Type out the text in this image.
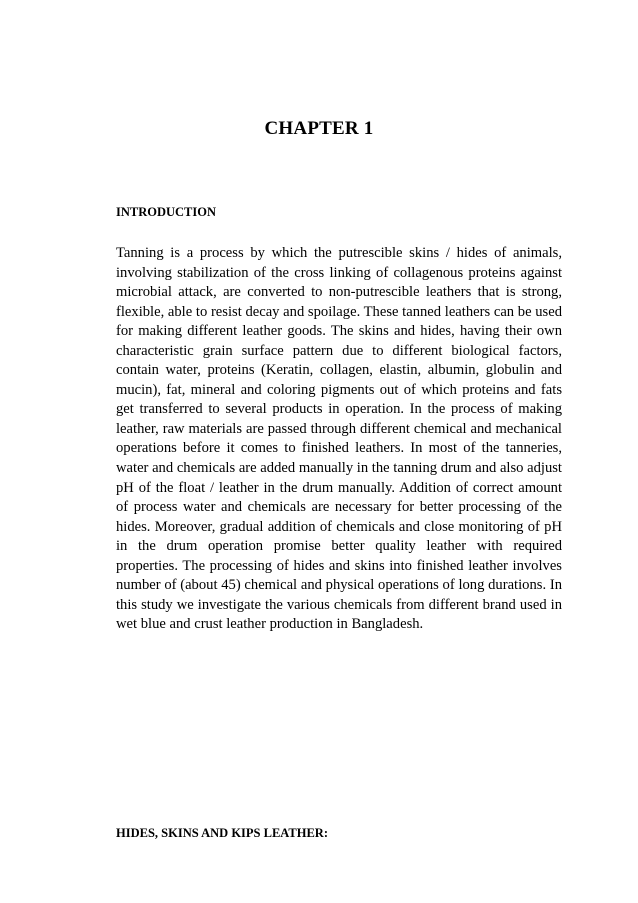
CHAPTER 1
INTRODUCTION

Tanning is a process by which the putrescible skins / hides of animals, involving stabilization of the cross linking of collagenous proteins against microbial attack, are converted to non-putrescible leathers that is strong, flexible, able to resist decay and spoilage. These tanned leathers can be used for making different leather goods. The skins and hides, having their own characteristic grain surface pattern due to different biological factors, contain water, proteins (Keratin, collagen, elastin, albumin, globulin and mucin), fat, mineral and coloring pigments out of which proteins and fats get transferred to several products in operation. In the process of making leather, raw materials are passed through different chemical and mechanical operations before it comes to finished leathers. In most of the tanneries, water and chemicals are added manually in the tanning drum and also adjust pH of the float / leather in the drum manually. Addition of correct amount of process water and chemicals are necessary for better processing of the hides. Moreover, gradual addition of chemicals and close monitoring of pH in the drum operation promise better quality leather with required properties. The processing of hides and skins into finished leather involves number of (about 45) chemical and physical operations of long durations. In this study we investigate the various chemicals from different brand used in wet blue and crust leather production in Bangladesh.

HIDES, SKINS AND KIPS LEATHER:
